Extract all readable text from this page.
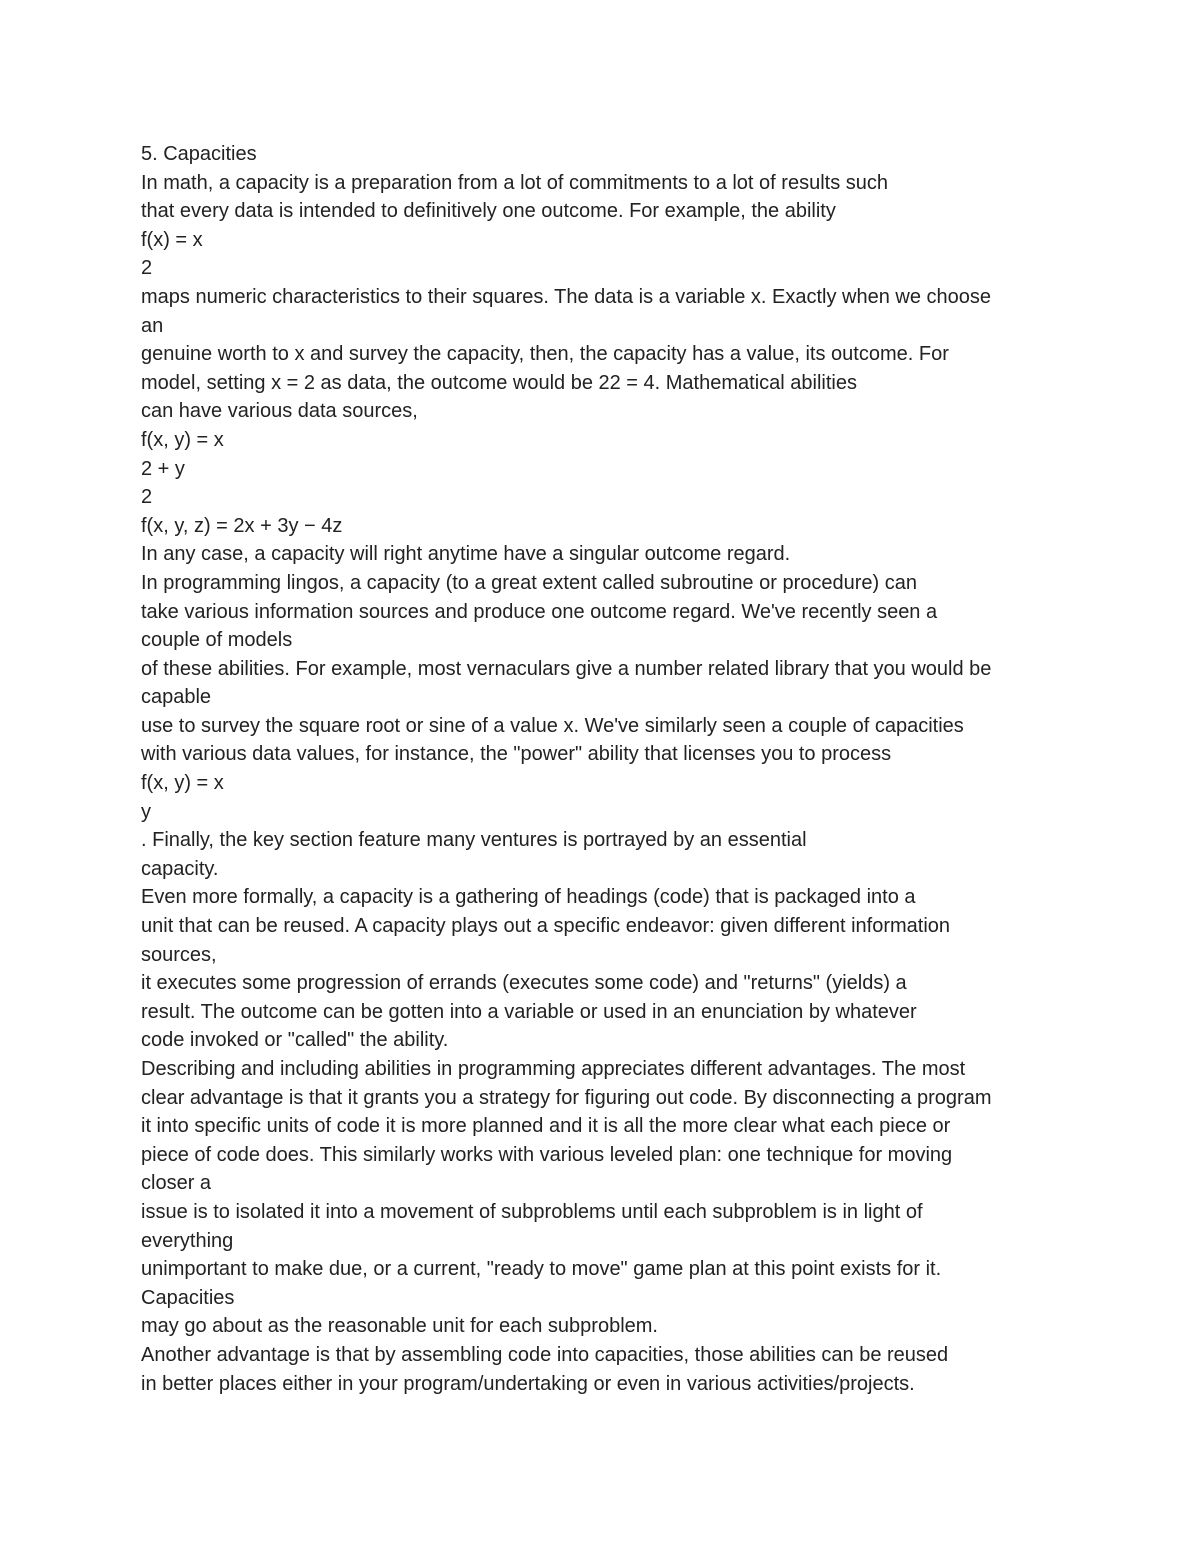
5. Capacities
In math, a capacity is a preparation from a lot of commitments to a lot of results such
that every data is intended to definitively one outcome. For example, the ability
f(x) = x
2
maps numeric characteristics to their squares. The data is a variable x. Exactly when we choose
an
genuine worth to x and survey the capacity, then, the capacity has a value, its outcome. For
model, setting x = 2 as data, the outcome would be 22 = 4. Mathematical abilities
can have various data sources,
f(x, y) = x
2 + y
2
f(x, y, z) = 2x + 3y − 4z
In any case, a capacity will right anytime have a singular outcome regard.
In programming lingos, a capacity (to a great extent called subroutine or procedure) can
take various information sources and produce one outcome regard. We've recently seen a
couple of models
of these abilities. For example, most vernaculars give a number related library that you would be
capable
use to survey the square root or sine of a value x. We've similarly seen a couple of capacities
with various data values, for instance, the "power" ability that licenses you to process
f(x, y) = x
y
. Finally, the key section feature many ventures is portrayed by an essential
capacity.
Even more formally, a capacity is a gathering of headings (code) that is packaged into a
unit that can be reused. A capacity plays out a specific endeavor: given different information
sources,
it executes some progression of errands (executes some code) and "returns" (yields) a
result. The outcome can be gotten into a variable or used in an enunciation by whatever
code invoked or "called" the ability.
Describing and including abilities in programming appreciates different advantages. The most
clear advantage is that it grants you a strategy for figuring out code. By disconnecting a program
it into specific units of code it is more planned and it is all the more clear what each piece or
piece of code does. This similarly works with various leveled plan: one technique for moving
closer a
issue is to isolated it into a movement of subproblems until each subproblem is in light of
everything
unimportant to make due, or a current, "ready to move" game plan at this point exists for it.
Capacities
may go about as the reasonable unit for each subproblem.
Another advantage is that by assembling code into capacities, those abilities can be reused
in better places either in your program/undertaking or even in various activities/projects.
